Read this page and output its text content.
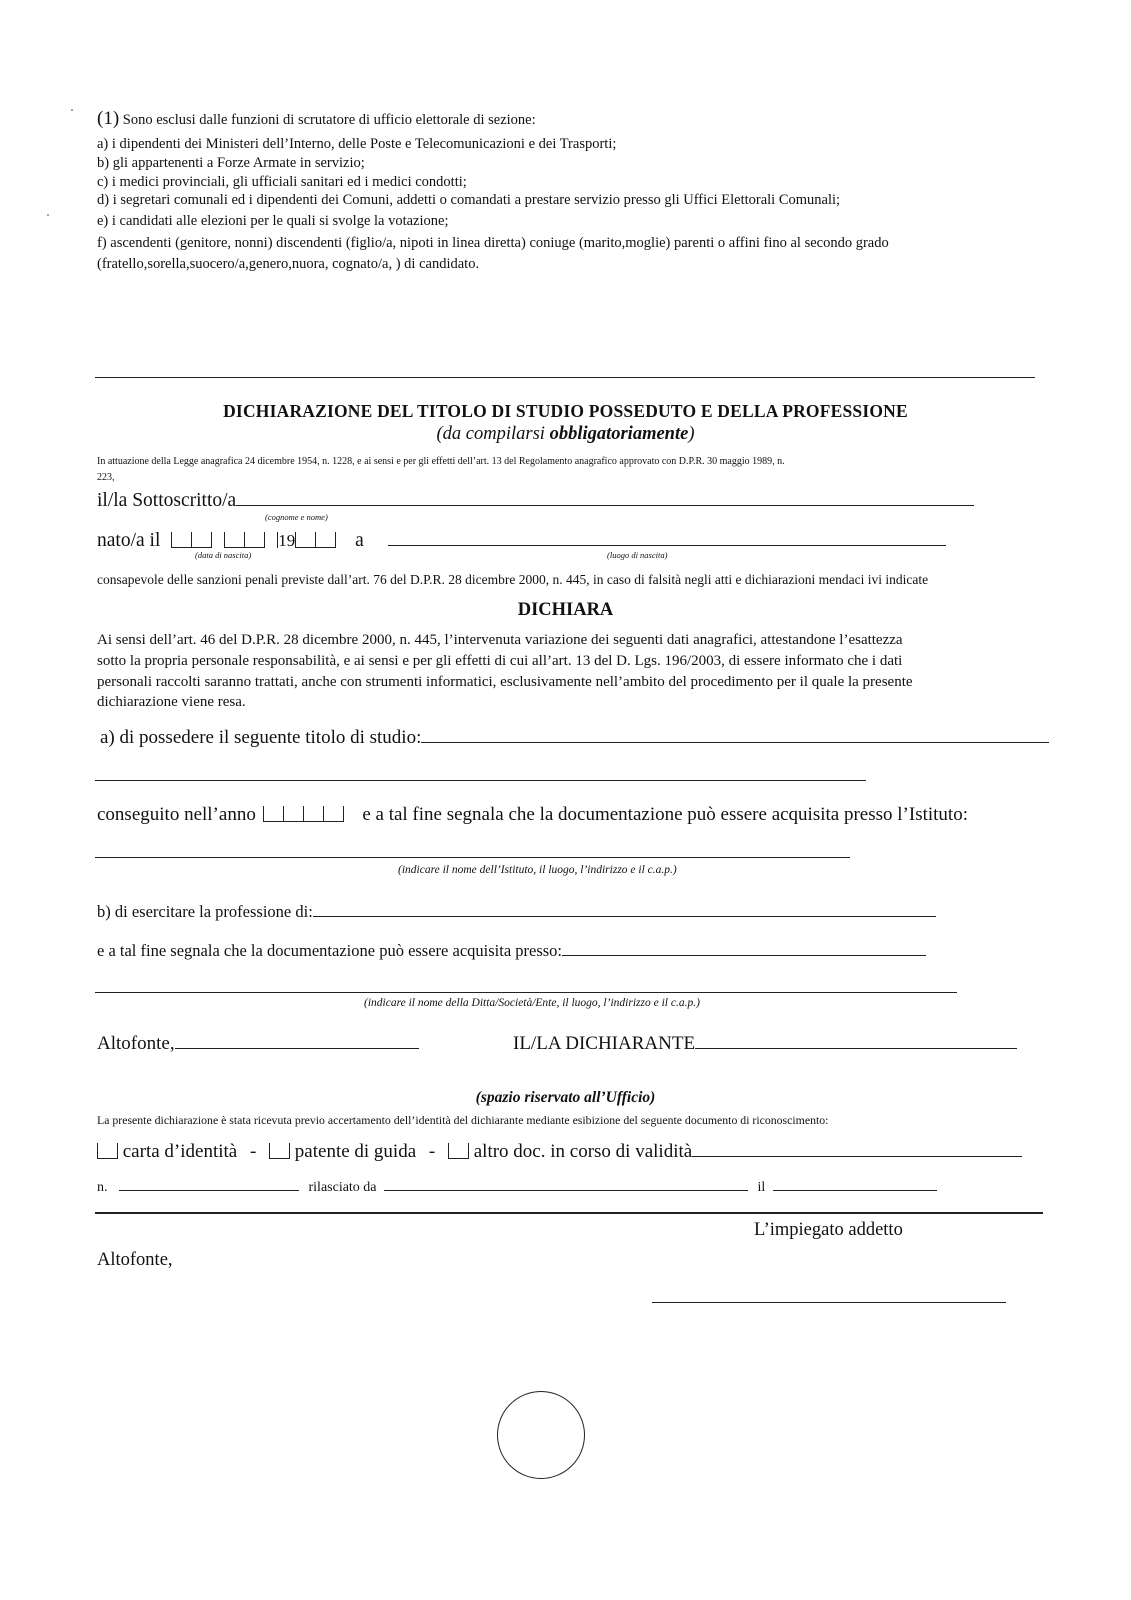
(1) Sono esclusi dalle funzioni di scrutatore di ufficio elettorale di sezione:
a) i dipendenti dei Ministeri dell’Interno, delle Poste e Telecomunicazioni e dei Trasporti;
b) gli appartenenti a Forze Armate in servizio;
c) i medici provinciali, gli ufficiali sanitari ed i medici condotti;
d) i segretari comunali ed i dipendenti dei Comuni, addetti o comandati a prestare servizio presso gli Uffici Elettorali Comunali;
e) i candidati alle elezioni per le quali si svolge la votazione;
f) ascendenti (genitore, nonni) discendenti (figlio/a, nipoti in linea diretta) coniuge (marito,moglie) parenti o affini fino al secondo grado
(fratello,sorella,suocero/a,genero,nuora, cognato/a, ) di candidato.
DICHIARAZIONE DEL TITOLO DI STUDIO POSSEDUTO E DELLA PROFESSIONE
(da compilarsi obbligatoriamente)
In attuazione della Legge anagrafica 24 dicembre 1954, n. 1228, e ai sensi e per gli effetti dell’art. 13 del Regolamento anagrafico approvato con D.P.R. 30 maggio 1989, n.
223,
il/la Sottoscritto/a
(cognome e nome)
nato/a il	19	a
(data di nascita)	(luogo di nascita)
consapevole delle sanzioni penali previste dall’art. 76 del D.P.R. 28 dicembre 2000, n. 445, in caso di falsità negli atti e dichiarazioni mendaci ivi indicate
DICHIARA
Ai sensi dell’art. 46 del D.P.R. 28 dicembre 2000, n. 445, l’intervenuta variazione dei seguenti dati anagrafici, attestandone l’esattezza
sotto la propria personale responsabilità, e ai sensi e per gli effetti di cui all’art. 13 del D. Lgs. 196/2003, di essere informato che i dati
personali raccolti saranno trattati, anche con strumenti informatici, esclusivamente nell’ambito del procedimento per il quale la presente
dichiarazione viene resa.
a) di possedere il seguente titolo di studio:
conseguito nell’anno	e a tal fine segnala che la documentazione può essere acquisita presso l’Istituto:
(indicare il nome dell’Istituto, il luogo, l’indirizzo e il c.a.p.)
b) di esercitare la professione di:
e a tal fine segnala che la documentazione può essere acquisita presso:
(indicare il nome della Ditta/Società/Ente, il luogo, l’indirizzo e il c.a.p.)
Altofonte,	IL/LA DICHIARANTE
(spazio riservato all’Ufficio)
La presente dichiarazione è stata ricevuta previo accertamento dell’identità del dichiarante mediante esibizione del seguente documento di riconoscimento:
carta d’identità - patente di guida - altro doc. in corso di validità
n.	rilasciato da	il
L’impiegato addetto
Altofonte,
